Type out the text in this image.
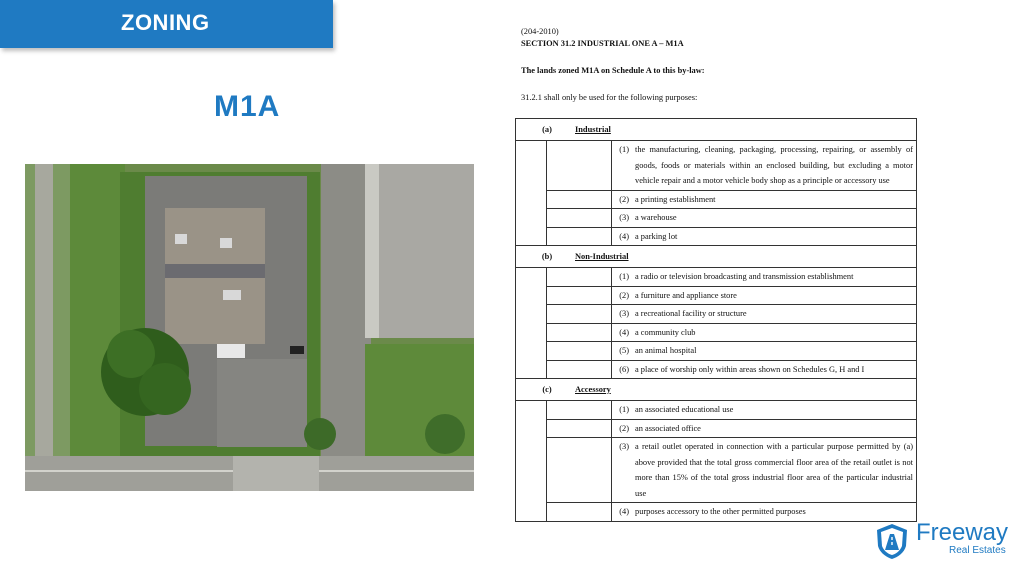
ZONING
M1A
(204-2010)
SECTION 31.2 INDUSTRIAL ONE A – M1A
The lands zoned M1A on Schedule A to this by-law:
31.2.1 shall only be used for the following purposes:
(a) Industrial			
		(1)	the manufacturing, cleaning, packaging, processing, repairing, or assembly of goods, foods or materials within an enclosed building, but excluding a motor vehicle repair and a motor vehicle body shop as a principle or accessory use
		(2)	a printing establishment
		(3)	a warehouse
		(4)	a parking lot
(b) Non-Industrial			
		(1)	a radio or television broadcasting and transmission establishment
		(2)	a furniture and appliance store
		(3)	a recreational facility or structure
		(4)	a community club
		(5)	an animal hospital
		(6)	a place of worship only within areas shown on Schedules G, H and I
(c) Accessory			
		(1)	an associated educational use
		(2)	an associated office
		(3)	a retail outlet operated in connection with a particular purpose permitted by (a) above provided that the total gross commercial floor area of the retail outlet is not more than 15% of the total gross industrial floor area of the particular industrial use
		(4)	purposes accessory to the other permitted purposes
Freeway
Real Estates
